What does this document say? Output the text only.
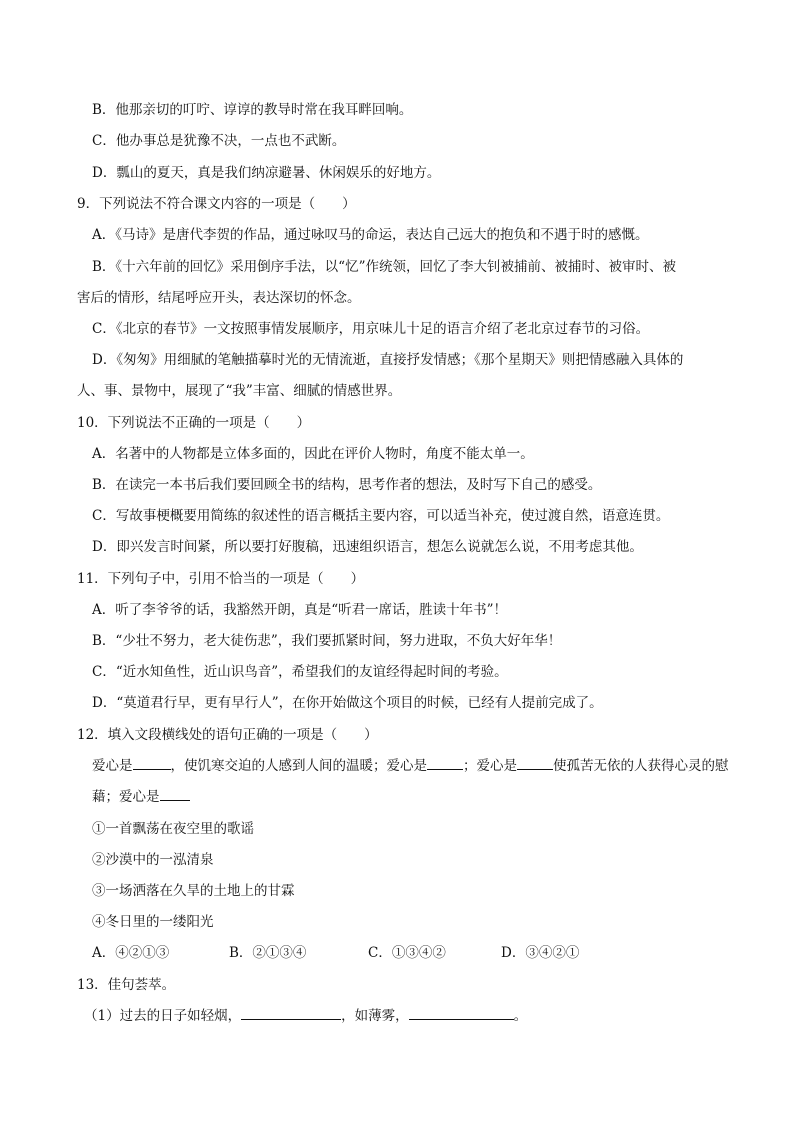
B．他那亲切的叮咛、谆谆的教导时常在我耳畔回响。
C．他办事总是犹豫不决，一点也不武断。
D．瓢山的夏天，真是我们纳凉避暑、休闲娱乐的好地方。
9．下列说法不符合课文内容的一项是（　　）
A．《马诗》是唐代李贺的作品，通过咏叹马的命运，表达自己远大的抱负和不遇于时的感慨。
B．《十六年前的回忆》采用倒序手法，以“忆”作统领，回忆了李大钊被捕前、被捕时、被审时、被
害后的情形，结尾呼应开头，表达深切的怀念。
C．《北京的春节》一文按照事情发展顺序，用京味儿十足的语言介绍了老北京过春节的习俗。
D．《匆匆》用细腻的笔触描摹时光的无情流逝，直接抒发情感；《那个星期天》则把情感融入具体的
人、事、景物中，展现了“我”丰富、细腻的情感世界。
10．下列说法不正确的一项是（　　）
A．名著中的人物都是立体多面的，因此在评价人物时，角度不能太单一。
B．在读完一本书后我们要回顾全书的结构，思考作者的想法，及时写下自己的感受。
C．写故事梗概要用简练的叙述性的语言概括主要内容，可以适当补充，使过渡自然，语意连贯。
D．即兴发言时间紧，所以要打好腹稿，迅速组织语言，想怎么说就怎么说，不用考虑其他。
11．下列句子中，引用不恰当的一项是（　　）
A．听了李爷爷的话，我豁然开朗，真是“听君一席话，胜读十年书”！
B．“少壮不努力，老大徒伤悲”，我们要抓紧时间，努力进取，不负大好年华！
C．“近水知鱼性，近山识鸟音”，希望我们的友谊经得起时间的考验。
D．“莫道君行早，更有早行人”，在你开始做这个项目的时候，已经有人提前完成了。
12．填入文段横线处的语句正确的一项是（　　）
爱心是	，使饥寒交迫的人感到人间的温暖；爱心是	；爱心是	使孤苦无依的人获得心灵的慰
藉；爱心是
①一首飘荡在夜空里的歌谣
②沙漠中的一泓清泉
③一场洒落在久旱的土地上的甘霖
④冬日里的一缕阳光
A．④②①③	B．②①③④	C．①③④②	D．③④②①
13．佳句荟萃。
（1）过去的日子如轻烟，	，如薄雾，	。
